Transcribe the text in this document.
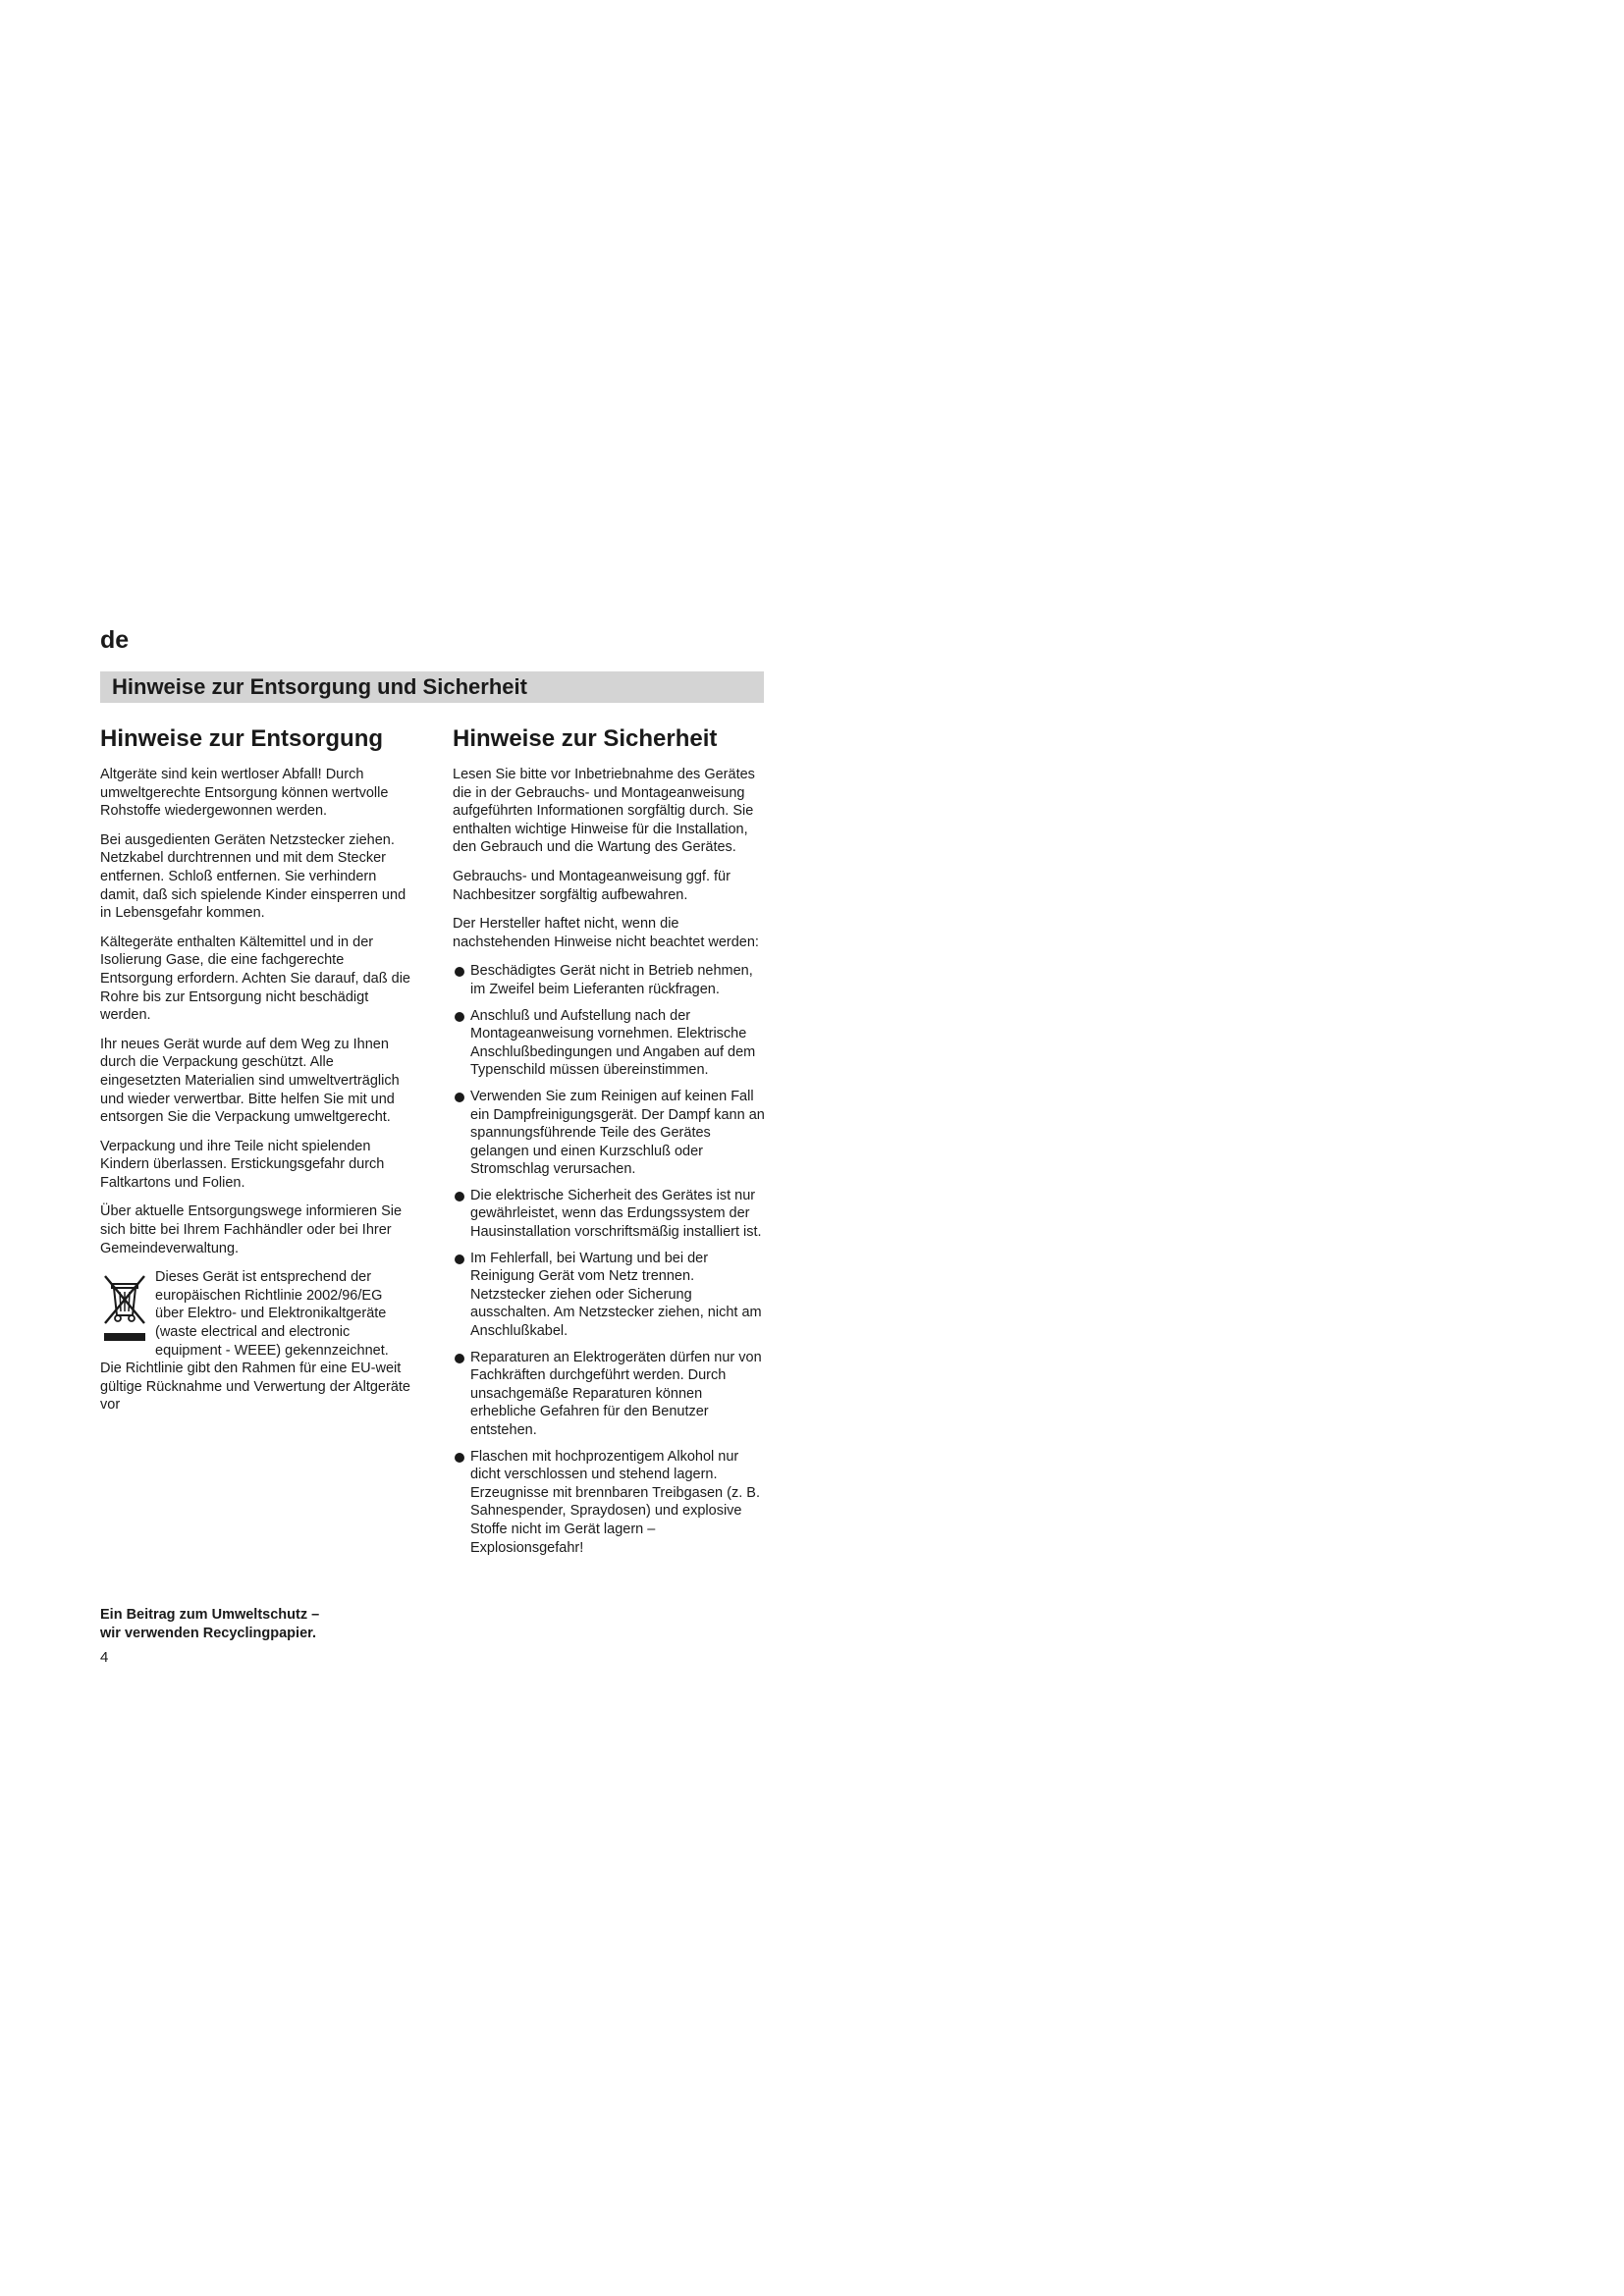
de
Hinweise zur Entsorgung und Sicherheit
Hinweise zur Entsorgung

Altgeräte sind kein wertloser Abfall! Durch umweltgerechte Entsorgung können wertvolle Rohstoffe wiedergewonnen werden.

Bei ausgedienten Geräten Netzstecker ziehen. Netzkabel durchtrennen und mit dem Stecker entfernen. Schloß entfernen. Sie verhindern damit, daß sich spielende Kinder einsperren und in Lebensgefahr kommen.

Kältegeräte enthalten Kältemittel und in der Isolierung Gase, die eine fachgerechte Entsorgung erfordern. Achten Sie darauf, daß die Rohre bis zur Entsorgung nicht beschädigt werden.

Ihr neues Gerät wurde auf dem Weg zu Ihnen durch die Verpackung geschützt. Alle eingesetzten Materialien sind umweltverträglich und wieder verwertbar. Bitte helfen Sie mit und entsorgen Sie die Verpackung umweltgerecht.

Verpackung und ihre Teile nicht spielenden Kindern überlassen. Erstickungsgefahr durch Faltkartons und Folien.

Über aktuelle Entsorgungswege informieren Sie sich bitte bei Ihrem Fachhändler oder bei Ihrer Gemeindeverwaltung.

Dieses Gerät ist entsprechend der europäischen Richtlinie 2002/96/EG über Elektro- und Elektronikaltgeräte (waste electrical and electronic equipment - WEEE) gekennzeichnet. Die Richtlinie gibt den Rahmen für eine EU-weit gültige Rücknahme und Verwertung der Altgeräte vor

Hinweise zur Sicherheit

Lesen Sie bitte vor Inbetriebnahme des Gerätes die in der Gebrauchs- und Montageanweisung aufgeführten Informationen sorgfältig durch. Sie enthalten wichtige Hinweise für die Installation, den Gebrauch und die Wartung des Gerätes.

Gebrauchs- und Montageanweisung ggf. für Nachbesitzer sorgfältig aufbewahren.

Der Hersteller haftet nicht, wenn die nachstehenden Hinweise nicht beachtet werden:

Beschädigtes Gerät nicht in Betrieb nehmen, im Zweifel beim Lieferanten rückfragen.
Anschluß und Aufstellung nach der Montageanweisung vornehmen. Elektrische Anschlußbedingungen und Angaben auf dem Typenschild müssen übereinstimmen.
Verwenden Sie zum Reinigen auf keinen Fall ein Dampfreinigungsgerät. Der Dampf kann an spannungsführende Teile des Gerätes gelangen und einen Kurzschluß oder Stromschlag verursachen.
Die elektrische Sicherheit des Gerätes ist nur gewährleistet, wenn das Erdungssystem der Hausinstallation vorschriftsmäßig installiert ist.
Im Fehlerfall, bei Wartung und bei der Reinigung Gerät vom Netz trennen. Netzstecker ziehen oder Sicherung ausschalten. Am Netzstecker ziehen, nicht am Anschlußkabel.
Reparaturen an Elektrogeräten dürfen nur von Fachkräften durchgeführt werden. Durch unsachgemäße Reparaturen können erhebliche Gefahren für den Benutzer entstehen.
Flaschen mit hochprozentigem Alkohol nur dicht verschlossen und stehend lagern. Erzeugnisse mit brennbaren Treibgasen (z. B. Sahnespender, Spraydosen) und explosive Stoffe nicht im Gerät lagern – Explosionsgefahr!
Ein Beitrag zum Umweltschutz –
wir verwenden Recyclingpapier.
4
